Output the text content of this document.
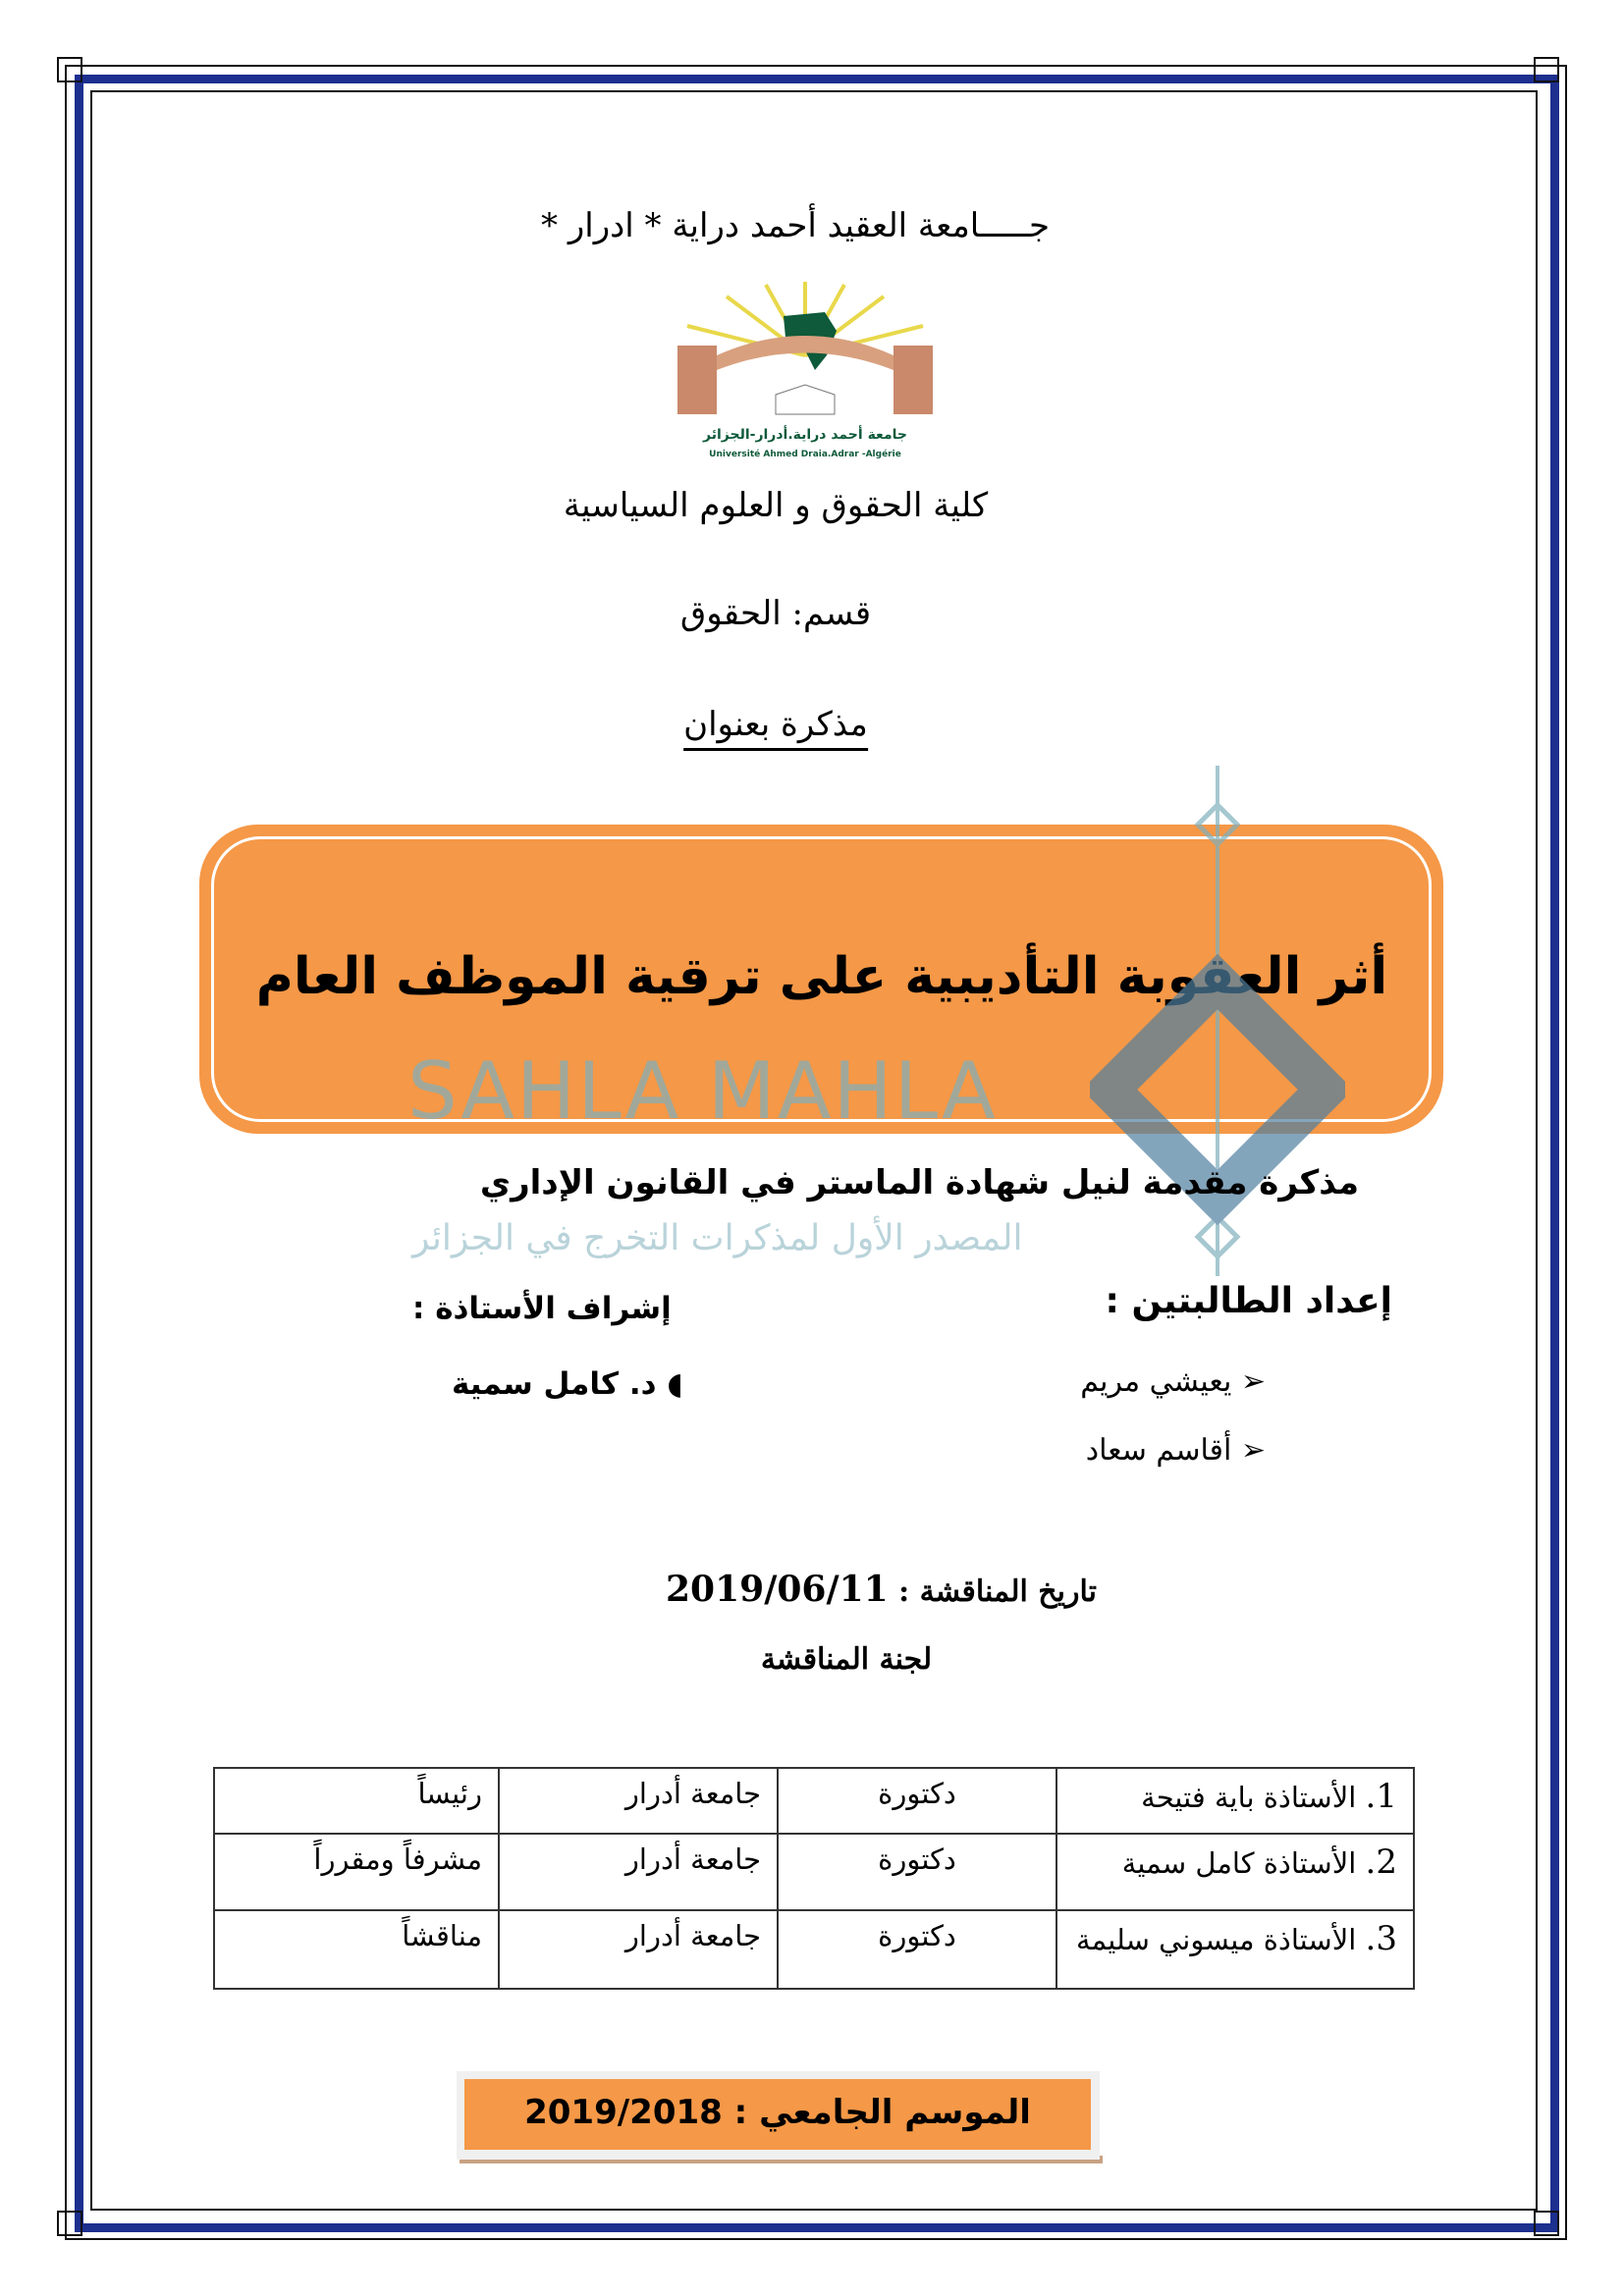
جـــــامعة العقيد أحمد دراية * ادرار *
جامعة أحمد دراية.أدرار-الجزائر
Université Ahmed Draia.Adrar -Algérie
كلية الحقوق و العلوم السياسية
قسم: الحقوق
مذكرة بعنوان
أثر العقوبة التأديبية على ترقية الموظف العام
SAHLA MAHLA
المصدر الأول لمذكرات التخرج في الجزائر
مذكرة مقدمة لنيل شهادة الماستر في القانون الإداري
إعداد الطالبتين :
إشراف الأستاذة :
➢ يعيشي مريم
➢ أقاسم سعاد
◖ د. كامل سمية
2019/06/11 تاريخ المناقشة :
لجنة المناقشة
1. الأستاذة باية فتيحة	دكتورة	جامعة أدرار	رئيساً
2. الأستاذة كامل سمية	دكتورة	جامعة أدرار	مشرفاً ومقرراً
3. الأستاذة ميسوني سليمة	دكتورة	جامعة أدرار	مناقشاً
الموسم الجامعي : 2019/2018
